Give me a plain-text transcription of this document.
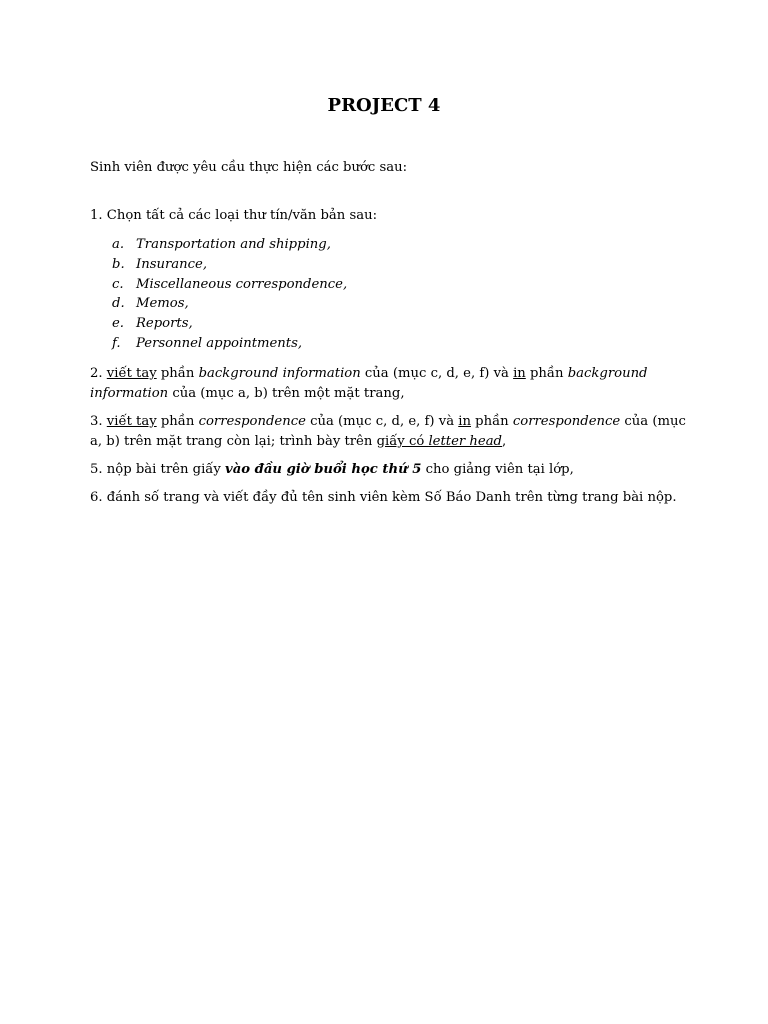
PROJECT 4

Sinh viên được yêu cầu thực hiện các bước sau:

1. Chọn tất cả các loại thư tín/văn bản sau:

a. Transportation and shipping,
b. Insurance,
c. Miscellaneous correspondence,
d. Memos,
e. Reports,
f. Personnel appointments,

2. viết tay phần background information của (mục c, d, e, f) và in phần background information của (mục a, b) trên một mặt trang,

3. viết tay phần correspondence của (mục c, d, e, f) và in phần correspondence của (mục a, b) trên mặt trang còn lại; trình bày trên giấy có letter head,

5. nộp bài trên giấy vào đầu giờ buổi học thứ 5 cho giảng viên tại lớp,

6. đánh số trang và viết đầy đủ tên sinh viên kèm Số Báo Danh trên từng trang bài nộp.
